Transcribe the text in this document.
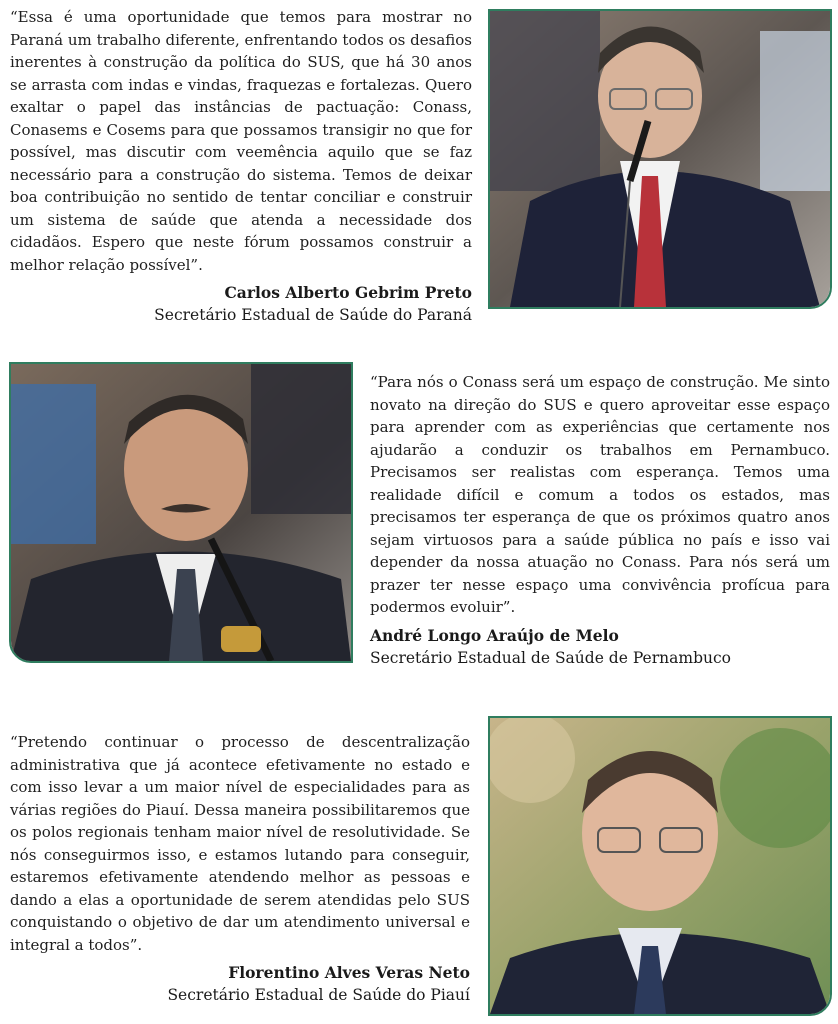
“Essa é uma oportunidade que temos para mostrar no Paraná um trabalho diferente, enfrentando todos os desafios inerentes à construção da política do SUS, que há 30 anos se arrasta com indas e vindas, fraquezas e fortalezas. Quero exaltar o papel das instâncias de pactuação: Conass, Conasems e Cosems para que possamos transigir no que for possível, mas discutir com veemência aquilo que se faz necessário para a construção do sistema. Temos de deixar boa contribuição no sentido de tentar conciliar e construir um sistema de saúde que atenda a necessidade dos cidadãos. Espero que neste fórum possamos construir a melhor relação possível”.

Carlos Alberto Gebrim Preto
Secretário Estadual de Saúde do Paraná

“Para nós o Conass será um espaço de construção. Me sinto novato na direção do SUS e quero aproveitar esse espaço para aprender com as experiências que certamente nos ajudarão a conduzir os trabalhos em Pernambuco. Precisamos ser realistas com esperança. Temos uma realidade difícil e comum a todos os estados, mas precisamos ter esperança de que os próximos quatro anos sejam virtuosos para a saúde pública no país e isso vai depender da nossa atuação no Conass. Para nós será um prazer ter nesse espaço uma convivência profícua para podermos evoluir”.

André Longo Araújo de Melo
Secretário Estadual de Saúde de Pernambuco

“Pretendo continuar o processo de descentralização administrativa que já acontece efetivamente no estado e com isso levar a um maior nível de especialidades para as várias regiões do Piauí. Dessa maneira possibilitaremos que os polos regionais tenham maior nível de resolutividade. Se nós conseguirmos isso, e estamos lutando para conseguir, estaremos efetivamente atendendo melhor as pessoas e dando a elas a oportunidade de serem atendidas pelo SUS conquistando o objetivo de dar um atendimento universal e integral a todos”.

Florentino Alves Veras Neto
Secretário Estadual de Saúde do Piauí
